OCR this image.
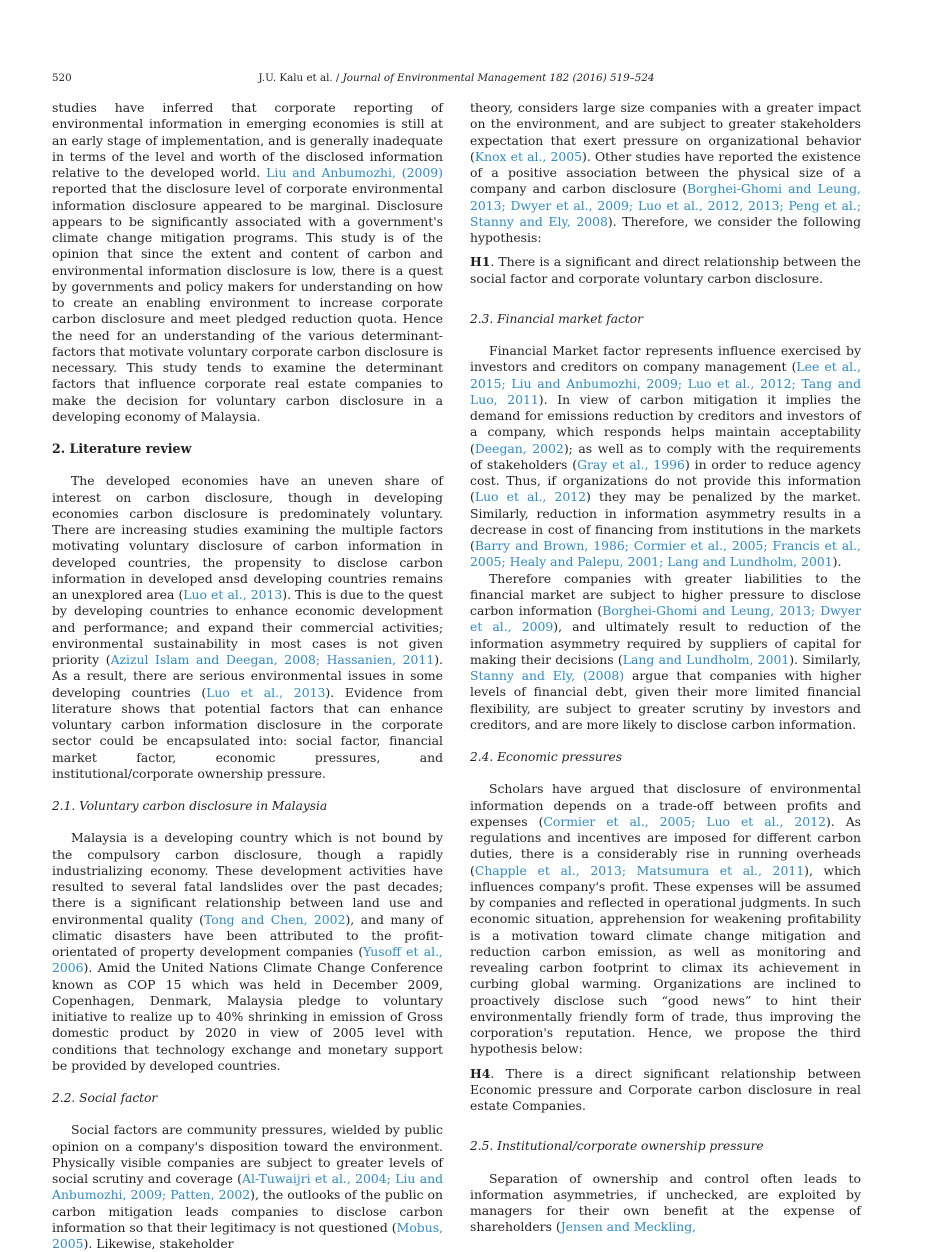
520	J.U. Kalu et al. / Journal of Environmental Management 182 (2016) 519–524

studies have inferred that corporate reporting of environmental information in emerging economies is still at an early stage of implementation, and is generally inadequate in terms of the level and worth of the disclosed information relative to the developed world. Liu and Anbumozhi, (2009) reported that the disclosure level of corporate environmental information disclosure appeared to be marginal. Disclosure appears to be significantly associated with a government's climate change mitigation programs. This study is of the opinion that since the extent and content of carbon and environmental information disclosure is low, there is a quest by governments and policy makers for understanding on how to create an enabling environment to increase corporate carbon disclosure and meet pledged reduction quota. Hence the need for an understanding of the various determinant-factors that motivate voluntary corporate carbon disclosure is necessary. This study tends to examine the determinant factors that influence corporate real estate companies to make the decision for voluntary carbon disclosure in a developing economy of Malaysia.

2. Literature review

The developed economies have an uneven share of interest on carbon disclosure, though in developing economies carbon disclosure is predominately voluntary. There are increasing studies examining the multiple factors motivating voluntary disclosure of carbon information in developed countries, the propensity to disclose carbon information in developed ansd developing countries remains an unexplored area (Luo et al., 2013). This is due to the quest by developing countries to enhance economic development and performance; and expand their commercial activities; environmental sustainability in most cases is not given priority (Azizul Islam and Deegan, 2008; Hassanien, 2011). As a result, there are serious environmental issues in some developing countries (Luo et al., 2013). Evidence from literature shows that potential factors that can enhance voluntary carbon information disclosure in the corporate sector could be encapsulated into: social factor, financial market factor, economic pressures, and institutional/corporate ownership pressure.

2.1. Voluntary carbon disclosure in Malaysia

Malaysia is a developing country which is not bound by the compulsory carbon disclosure, though a rapidly industrializing economy. These development activities have resulted to several fatal landslides over the past decades; there is a significant relationship between land use and environmental quality (Tong and Chen, 2002), and many of climatic disasters have been attributed to the profit-orientated of property development companies (Yusoff et al., 2006). Amid the United Nations Climate Change Conference known as COP 15 which was held in December 2009, Copenhagen, Denmark, Malaysia pledge to voluntary initiative to realize up to 40% shrinking in emission of Gross domestic product by 2020 in view of 2005 level with conditions that technology exchange and monetary support be provided by developed countries.

2.2. Social factor

Social factors are community pressures, wielded by public opinion on a company's disposition toward the environment. Physically visible companies are subject to greater levels of social scrutiny and coverage (Al-Tuwaijri et al., 2004; Liu and Anbumozhi, 2009; Patten, 2002), the outlooks of the public on carbon mitigation leads companies to disclose carbon information so that their legitimacy is not questioned (Mobus, 2005). Likewise, stakeholder

theory, considers large size companies with a greater impact on the environment, and are subject to greater stakeholders expectation that exert pressure on organizational behavior (Knox et al., 2005). Other studies have reported the existence of a positive association between the physical size of a company and carbon disclosure (Borghei-Ghomi and Leung, 2013; Dwyer et al., 2009; Luo et al., 2012, 2013; Peng et al.; Stanny and Ely, 2008). Therefore, we consider the following hypothesis:

H1. There is a significant and direct relationship between the social factor and corporate voluntary carbon disclosure.

2.3. Financial market factor

Financial Market factor represents influence exercised by investors and creditors on company management (Lee et al., 2015; Liu and Anbumozhi, 2009; Luo et al., 2012; Tang and Luo, 2011). In view of carbon mitigation it implies the demand for emissions reduction by creditors and investors of a company, which responds helps maintain acceptability (Deegan, 2002); as well as to comply with the requirements of stakeholders (Gray et al., 1996) in order to reduce agency cost. Thus, if organizations do not provide this information (Luo et al., 2012) they may be penalized by the market. Similarly, reduction in information asymmetry results in a decrease in cost of financing from institutions in the markets (Barry and Brown, 1986; Cormier et al., 2005; Francis et al., 2005; Healy and Palepu, 2001; Lang and Lundholm, 2001).

Therefore companies with greater liabilities to the financial market are subject to higher pressure to disclose carbon information (Borghei-Ghomi and Leung, 2013; Dwyer et al., 2009), and ultimately result to reduction of the information asymmetry required by suppliers of capital for making their decisions (Lang and Lundholm, 2001). Similarly, Stanny and Ely, (2008) argue that companies with higher levels of financial debt, given their more limited financial flexibility, are subject to greater scrutiny by investors and creditors, and are more likely to disclose carbon information.

2.4. Economic pressures

Scholars have argued that disclosure of environmental information depends on a trade-off between profits and expenses (Cormier et al., 2005; Luo et al., 2012). As regulations and incentives are imposed for different carbon duties, there is a considerably rise in running overheads (Chapple et al., 2013; Matsumura et al., 2011), which influences company's profit. These expenses will be assumed by companies and reflected in operational judgments. In such economic situation, apprehension for weakening profitability is a motivation toward climate change mitigation and reduction carbon emission, as well as monitoring and revealing carbon footprint to climax its achievement in curbing global warming. Organizations are inclined to proactively disclose such “good news” to hint their environmentally friendly form of trade, thus improving the corporation's reputation. Hence, we propose the third hypothesis below:

H4. There is a direct significant relationship between Economic pressure and Corporate carbon disclosure in real estate Companies.

2.5. Institutional/corporate ownership pressure

Separation of ownership and control often leads to information asymmetries, if unchecked, are exploited by managers for their own benefit at the expense of shareholders (Jensen and Meckling,
